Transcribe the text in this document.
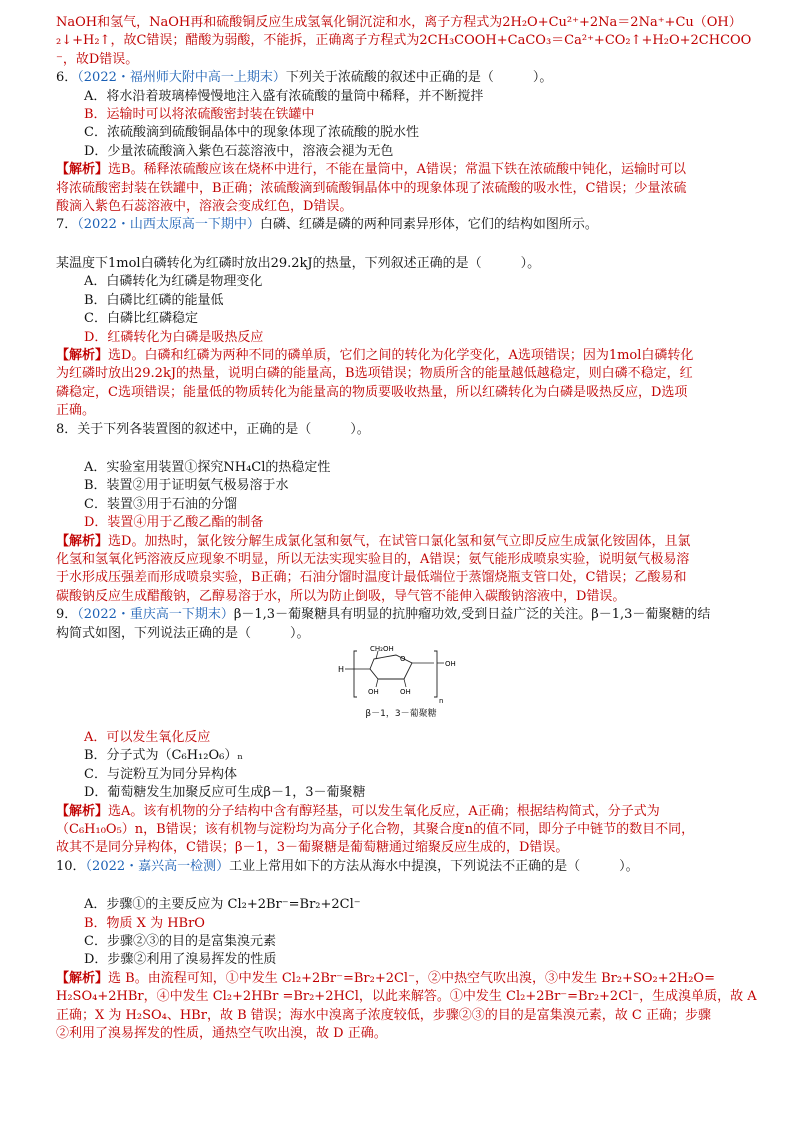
NaOH和氢气，NaOH再和硫酸铜反应生成氢氧化铜沉淀和水，离子方程式为2H₂O+Cu²⁺+2Na＝2Na⁺+Cu（OH）
₂↓+H₂↑，故C错误；醋酸为弱酸，不能拆，正确离子方程式为2CH₃COOH+CaCO₃＝Ca²⁺+CO₂↑+H₂O+2CHCOO
⁻，故D错误。
6．（2022・福州师大附中高一上期末）下列关于浓硫酸的叙述中正确的是（　　　）。
A．将水沿着玻璃棒慢慢地注入盛有浓硫酸的量筒中稀释，并不断搅拌
B．运输时可以将浓硫酸密封装在铁罐中
C．浓硫酸滴到硫酸铜晶体中的现象体现了浓硫酸的脱水性
D．少量浓硫酸滴入紫色石蕊溶液中，溶液会褪为无色
【解析】选B。稀释浓硫酸应该在烧杯中进行，不能在量筒中，A错误；常温下铁在浓硫酸中钝化，运输时可以
将浓硫酸密封装在铁罐中，B正确；浓硫酸滴到硫酸铜晶体中的现象体现了浓硫酸的吸水性，C错误；少量浓硫
酸滴入紫色石蕊溶液中，溶液会变成红色，D错误。
7．（2022・山西太原高一下期中）白磷、红磷是磷的两种同素异形体，它们的结构如图所示。
某温度下1mol白磷转化为红磷时放出29.2kJ的热量，下列叙述正确的是（　　　）。
A．白磷转化为红磷是物理变化
B．白磷比红磷的能量低
C．白磷比红磷稳定
D．红磷转化为白磷是吸热反应
【解析】选D。白磷和红磷为两种不同的磷单质，它们之间的转化为化学变化，A选项错误；因为1mol白磷转化
为红磷时放出29.2kJ的热量，说明白磷的能量高，B选项错误；物质所含的能量越低越稳定，则白磷不稳定，红
磷稳定，C选项错误；能量低的物质转化为能量高的物质要吸收热量，所以红磷转化为白磷是吸热反应，D选项
正确。
8．关于下列各装置图的叙述中，正确的是（　　　）。
A．实验室用装置①探究NH₄Cl的热稳定性
B．装置②用于证明氨气极易溶于水
C．装置③用于石油的分馏
D．装置④用于乙酸乙酯的制备
【解析】选D。加热时，氯化铵分解生成氯化氢和氨气，在试管口氯化氢和氨气立即反应生成氯化铵固体，且氯
化氢和氢氧化钙溶液反应现象不明显，所以无法实现实验目的，A错误；氨气能形成喷泉实验，说明氨气极易溶
于水形成压强差而形成喷泉实验，B正确；石油分馏时温度计最低端位于蒸馏烧瓶支管口处，C错误；乙酸易和
碳酸钠反应生成醋酸钠，乙醇易溶于水，所以为防止倒吸，导气管不能伸入碳酸钠溶液中，D错误。
9．（2022・重庆高一下期末）β－1,3－葡聚糖具有明显的抗肿瘤功效,受到日益广泛的关注。β－1,3－葡聚糖的结
构简式如图，下列说法正确的是（　　　）。
H
CH₂OH
O
OH
OH	OH
n
β－1，3－葡聚糖
A．可以发生氧化反应
B．分子式为（C₆H₁₂O₆）ₙ
C．与淀粉互为同分异构体
D．葡萄糖发生加聚反应可生成β－1，3－葡聚糖
【解析】选A。该有机物的分子结构中含有醇羟基，可以发生氧化反应，A正确；根据结构简式，分子式为
（C₆H₁₀O₅）n，B错误；该有机物与淀粉均为高分子化合物，其聚合度n的值不同，即分子中链节的数目不同，
故其不是同分异构体，C错误；β－1，3－葡聚糖是葡萄糖通过缩聚反应生成的，D错误。
10．（2022・嘉兴高一检测）工业上常用如下的方法从海水中提溴，下列说法不正确的是（　　　）。
A．步骤①的主要反应为 Cl₂+2Br⁻=Br₂+2Cl⁻
B．物质 X 为 HBrO
C．步骤②③的目的是富集溴元素
D．步骤②利用了溴易挥发的性质
【解析】选 B。由流程可知，①中发生 Cl₂+2Br⁻=Br₂+2Cl⁻，②中热空气吹出溴，③中发生 Br₂+SO₂+2H₂O=
H₂SO₄+2HBr，④中发生 Cl₂+2HBr =Br₂+2HCl，以此来解答。①中发生 Cl₂+2Br⁻=Br₂+2Cl⁻，生成溴单质，故 A
正确；X 为 H₂SO₄、HBr，故 B 错误；海水中溴离子浓度较低，步骤②③的目的是富集溴元素，故 C 正确；步骤
②利用了溴易挥发的性质，通热空气吹出溴，故 D 正确。
